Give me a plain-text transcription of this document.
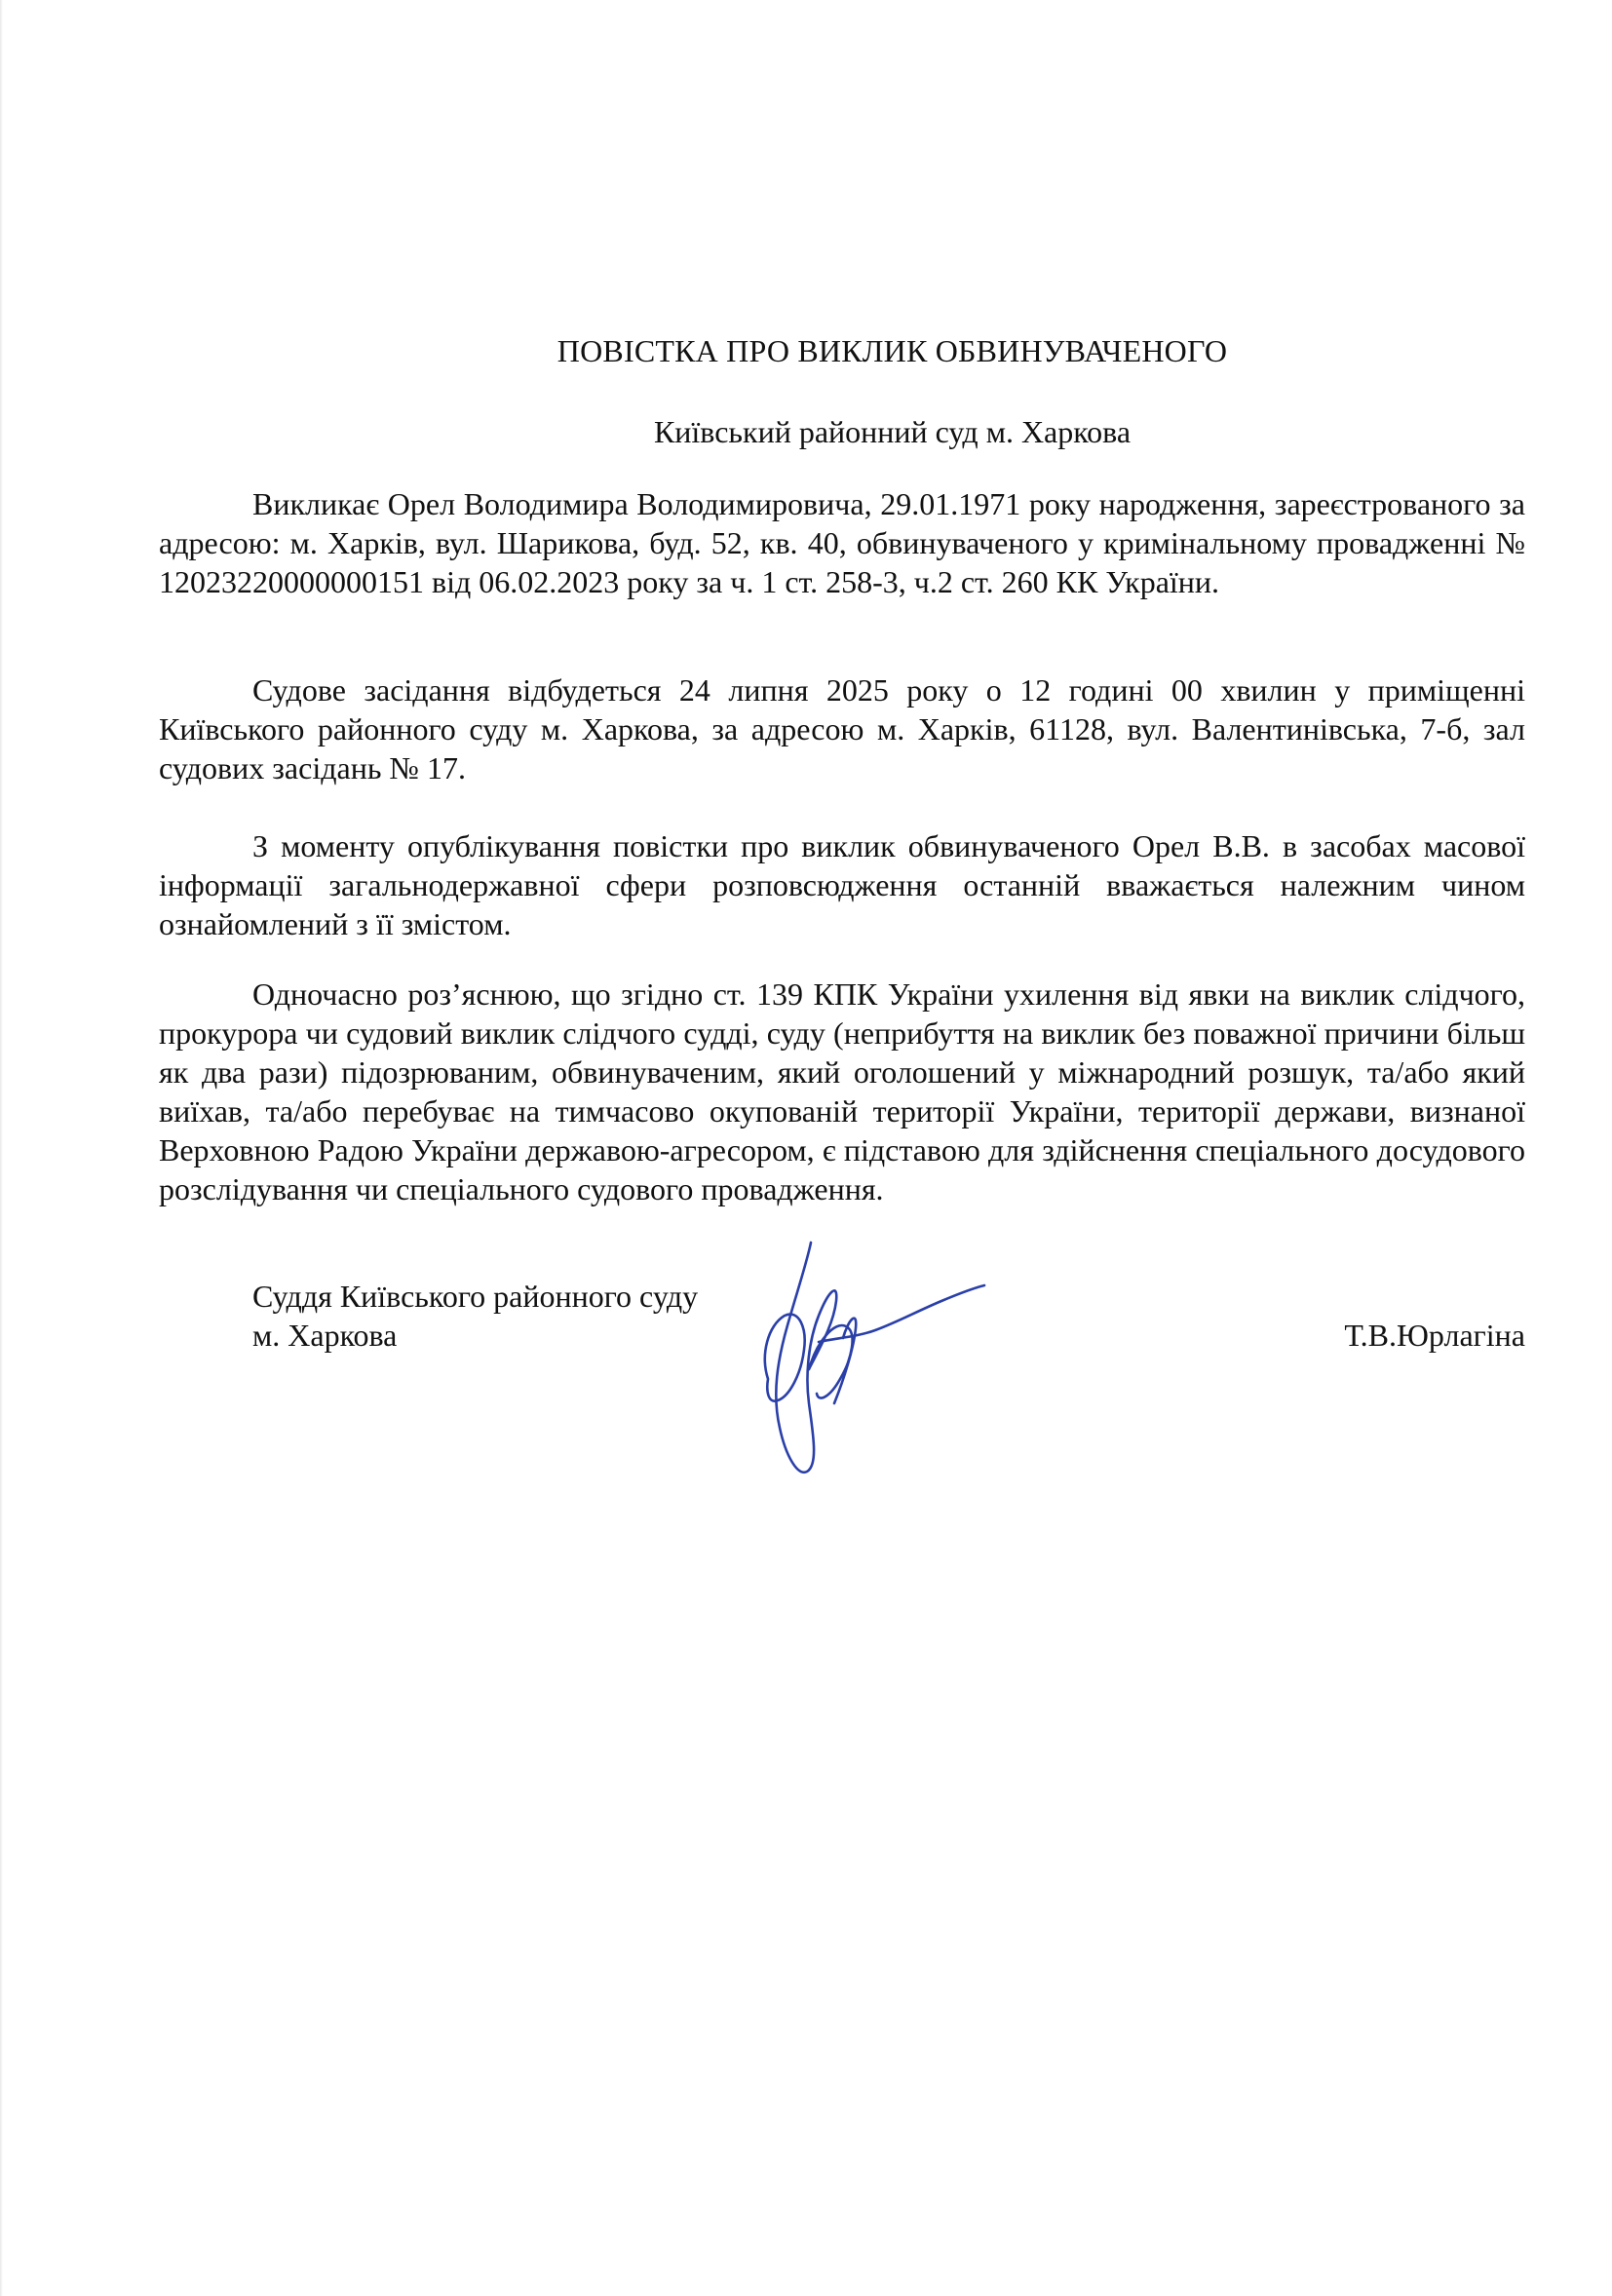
ПОВІСТКА ПРО ВИКЛИК ОБВИНУВАЧЕНОГО
Київський районний суд м. Харкова

Викликає Орел Володимира Володимировича, 29.01.1971 року народження, зареєстрованого за адресою: м. Харків, вул. Шарикова, буд. 52, кв. 40, обвинуваченого у кримінальному провадженні № 12023220000000151 від 06.02.2023 року за ч. 1 ст. 258-3, ч.2 ст. 260 КК України.

Судове засідання відбудеться 24 липня 2025 року о 12 годині 00 хвилин у приміщенні Київського районного суду м. Харкова, за адресою м. Харків, 61128, вул. Валентинівська, 7-б, зал судових засідань № 17.

З моменту опублікування повістки про виклик обвинуваченого Орел В.В. в засобах масової інформації загальнодержавної сфери розповсюдження останній вважається належним чином ознайомлений з її змістом.

Одночасно роз’яснюю, що згідно ст. 139 КПК України ухилення від явки на виклик слідчого, прокурора чи судовий виклик слідчого судді, суду (неприбуття на виклик без поважної причини більш як два рази) підозрюваним, обвинуваченим, який оголошений у міжнародний розшук, та/або який виїхав, та/або перебуває на тимчасово окупованій території України, території держави, визнаної Верховною Радою України державою-агресором, є підставою для здійснення спеціального досудового розслідування чи спеціального судового провадження.

Суддя Київського районного суду
м. Харкова	Т.В.Юрлагіна
